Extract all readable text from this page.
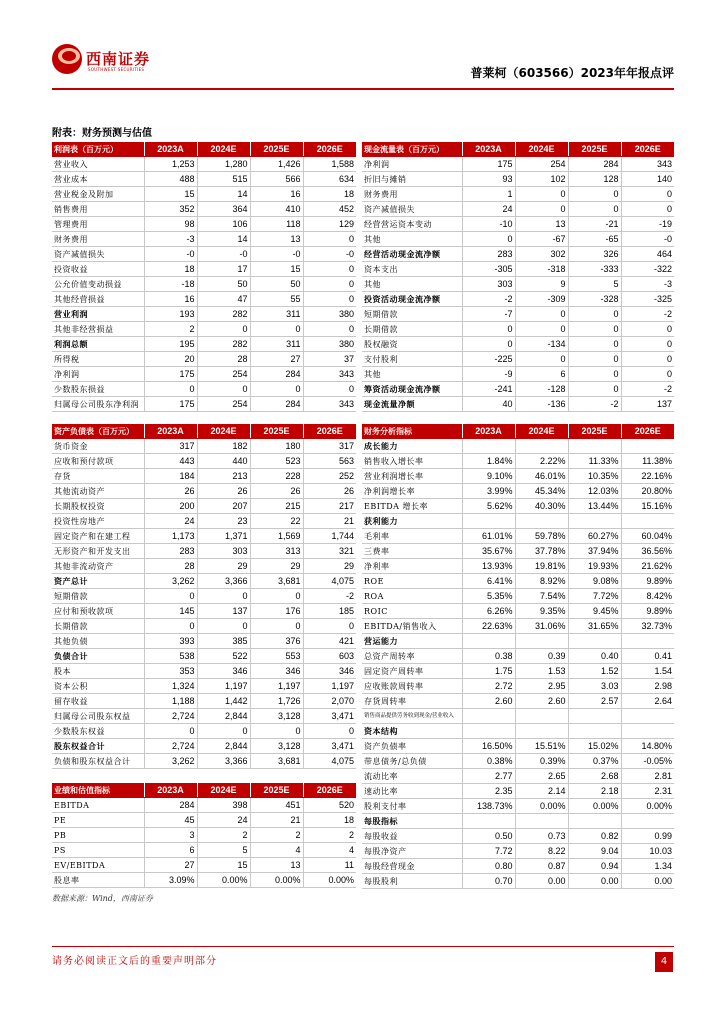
西南证券
SOUTHWEST SECURITIES	普莱柯（603566）2023年年报点评
附表：财务预测与估值
利润表（百万元）	2023A	2024E	2025E	2026E
营业收入	1,253	1,280	1,426	1,588
营业成本	488	515	566	634
营业税金及附加	15	14	16	18
销售费用	352	364	410	452
管理费用	98	106	118	129
财务费用	-3	14	13	0
资产减值损失	-0	-0	-0	-0
投资收益	18	17	15	0
公允价值变动损益	-18	50	50	0
其他经营损益	16	47	55	0
营业利润	193	282	311	380
其他非经营损益	2	0	0	0
利润总额	195	282	311	380
所得税	20	28	27	37
净利润	175	254	284	343
少数股东损益	0	0	0	0
归属母公司股东净利润	175	254	284	343
现金流量表（百万元）	2023A	2024E	2025E	2026E
净利润	175	254	284	343
折旧与摊销	93	102	128	140
财务费用	1	0	0	0
资产减值损失	24	0	0	0
经营营运资本变动	-10	13	-21	-19
其他	0	-67	-65	-0
经营活动现金流净额	283	302	326	464
资本支出	-305	-318	-333	-322
其他	303	9	5	-3
投资活动现金流净额	-2	-309	-328	-325
短期借款	-7	0	0	-2
长期借款	0	0	0	0
股权融资	0	-134	0	0
支付股利	-225	0	0	0
其他	-9	6	0	0
筹资活动现金流净额	-241	-128	0	-2
现金流量净额	40	-136	-2	137
资产负债表（百万元）	2023A	2024E	2025E	2026E
货币资金	317	182	180	317
应收和预付款项	443	440	523	563
存货	184	213	228	252
其他流动资产	26	26	26	26
长期股权投资	200	207	215	217
投资性房地产	24	23	22	21
固定资产和在建工程	1,173	1,371	1,569	1,744
无形资产和开发支出	283	303	313	321
其他非流动资产	28	29	29	29
资产总计	3,262	3,366	3,681	4,075
短期借款	0	0	0	-2
应付和预收款项	145	137	176	185
长期借款	0	0	0	0
其他负债	393	385	376	421
负债合计	538	522	553	603
股本	353	346	346	346
资本公积	1,324	1,197	1,197	1,197
留存收益	1,188	1,442	1,726	2,070
归属母公司股东权益	2,724	2,844	3,128	3,471
少数股东权益	0	0	0	0
股东权益合计	2,724	2,844	3,128	3,471
负债和股东权益合计	3,262	3,366	3,681	4,075
财务分析指标	2023A	2024E	2025E	2026E
成长能力				
销售收入增长率	1.84%	2.22%	11.33%	11.38%
营业利润增长率	9.10%	46.01%	10.35%	22.16%
净利润增长率	3.99%	45.34%	12.03%	20.80%
EBITDA 增长率	5.62%	40.30%	13.44%	15.16%
获利能力				
毛利率	61.01%	59.78%	60.27%	60.04%
三费率	35.67%	37.78%	37.94%	36.56%
净利率	13.93%	19.81%	19.93%	21.62%
ROE	6.41%	8.92%	9.08%	9.89%
ROA	5.35%	7.54%	7.72%	8.42%
ROIC	6.26%	9.35%	9.45%	9.89%
EBITDA/销售收入	22.63%	31.06%	31.65%	32.73%
营运能力				
总资产周转率	0.38	0.39	0.40	0.41
固定资产周转率	1.75	1.53	1.52	1.54
应收账款周转率	2.72	2.95	3.03	2.98
存货周转率	2.60	2.60	2.57	2.64
销售商品提供劳务收到现金/营业收入				
资本结构				
资产负债率	16.50%	15.51%	15.02%	14.80%
带息债务/总负债	0.38%	0.39%	0.37%	-0.05%
流动比率	2.77	2.65	2.68	2.81
速动比率	2.35	2.14	2.18	2.31
股利支付率	138.73%	0.00%	0.00%	0.00%
每股指标				
每股收益	0.50	0.73	0.82	0.99
每股净资产	7.72	8.22	9.04	10.03
每股经营现金	0.80	0.87	0.94	1.34
每股股利	0.70	0.00	0.00	0.00
业绩和估值指标	2023A	2024E	2025E	2026E
EBITDA	284	398	451	520
PE	45	24	21	18
PB	3	2	2	2
PS	6	5	4	4
EV/EBITDA	27	15	13	11
股息率	3.09%	0.00%	0.00%	0.00%
数据来源：Wind，西南证券
请务必阅读正文后的重要声明部分	4
